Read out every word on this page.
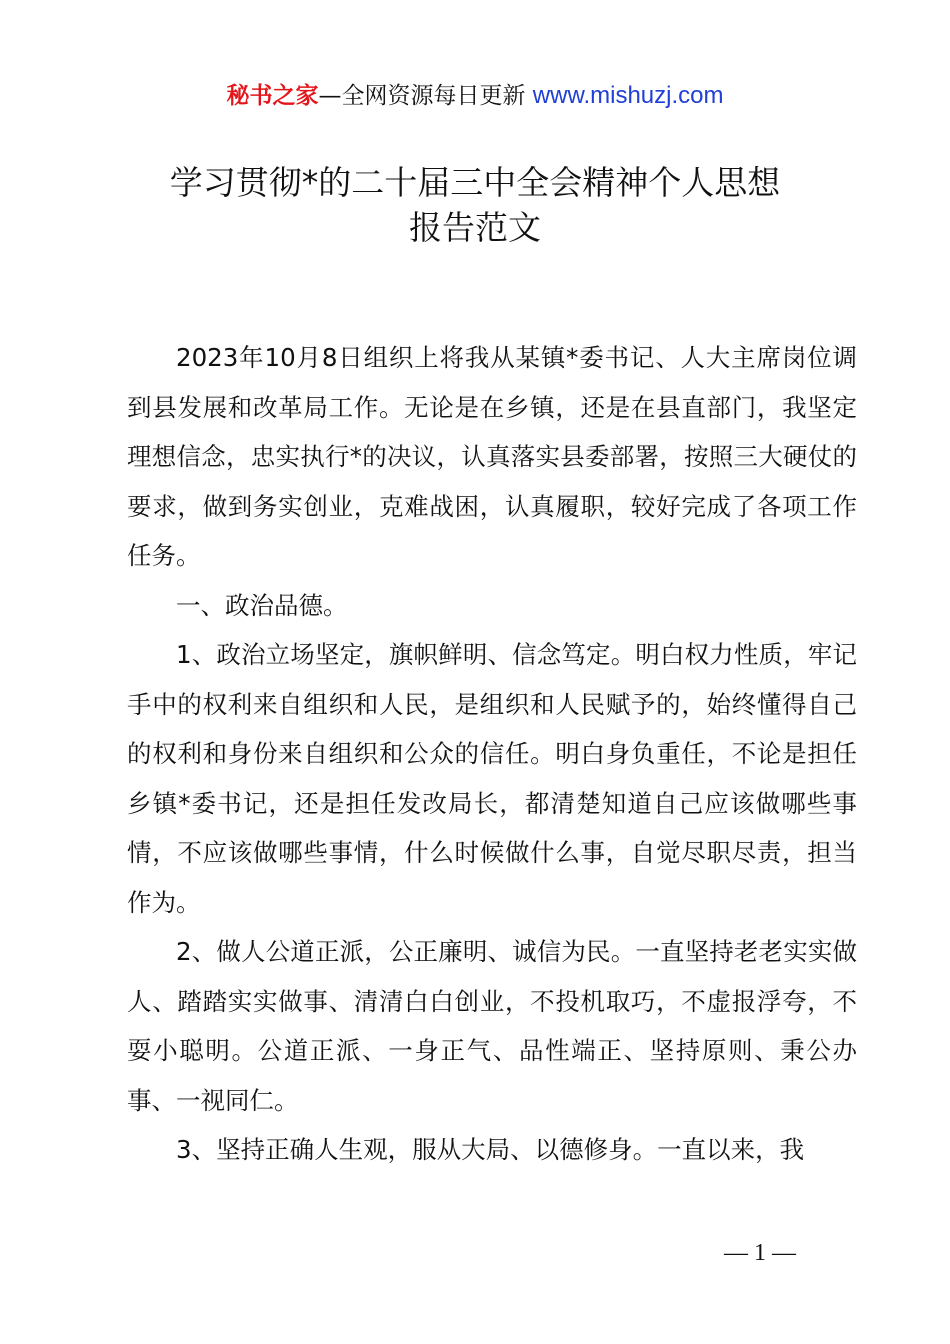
秘书之家—全网资源每日更新 www.mishuzj.com
学习贯彻*的二十届三中全会精神个人思想
报告范文

2023年10月8日组织上将我从某镇*委书记、人大主席岗位调到县发展和改革局工作。无论是在乡镇，还是在县直部门，我坚定理想信念，忠实执行*的决议，认真落实县委部署，按照三大硬仗的要求，做到务实创业，克难战困，认真履职，较好完成了各项工作任务。

一、政治品德。

1、政治立场坚定，旗帜鲜明、信念笃定。明白权力性质，牢记手中的权利来自组织和人民，是组织和人民赋予的，始终懂得自己的权利和身份来自组织和公众的信任。明白身负重任，不论是担任乡镇*委书记，还是担任发改局长，都清楚知道自己应该做哪些事情，不应该做哪些事情，什么时候做什么事，自觉尽职尽责，担当作为。

2、做人公道正派，公正廉明、诚信为民。一直坚持老老实实做人、踏踏实实做事、清清白白创业，不投机取巧，不虚报浮夸，不耍小聪明。公道正派、一身正气、品性端正、坚持原则、秉公办事、一视同仁。

3、坚持正确人生观，服从大局、以德修身。一直以来，我

— 1 —
